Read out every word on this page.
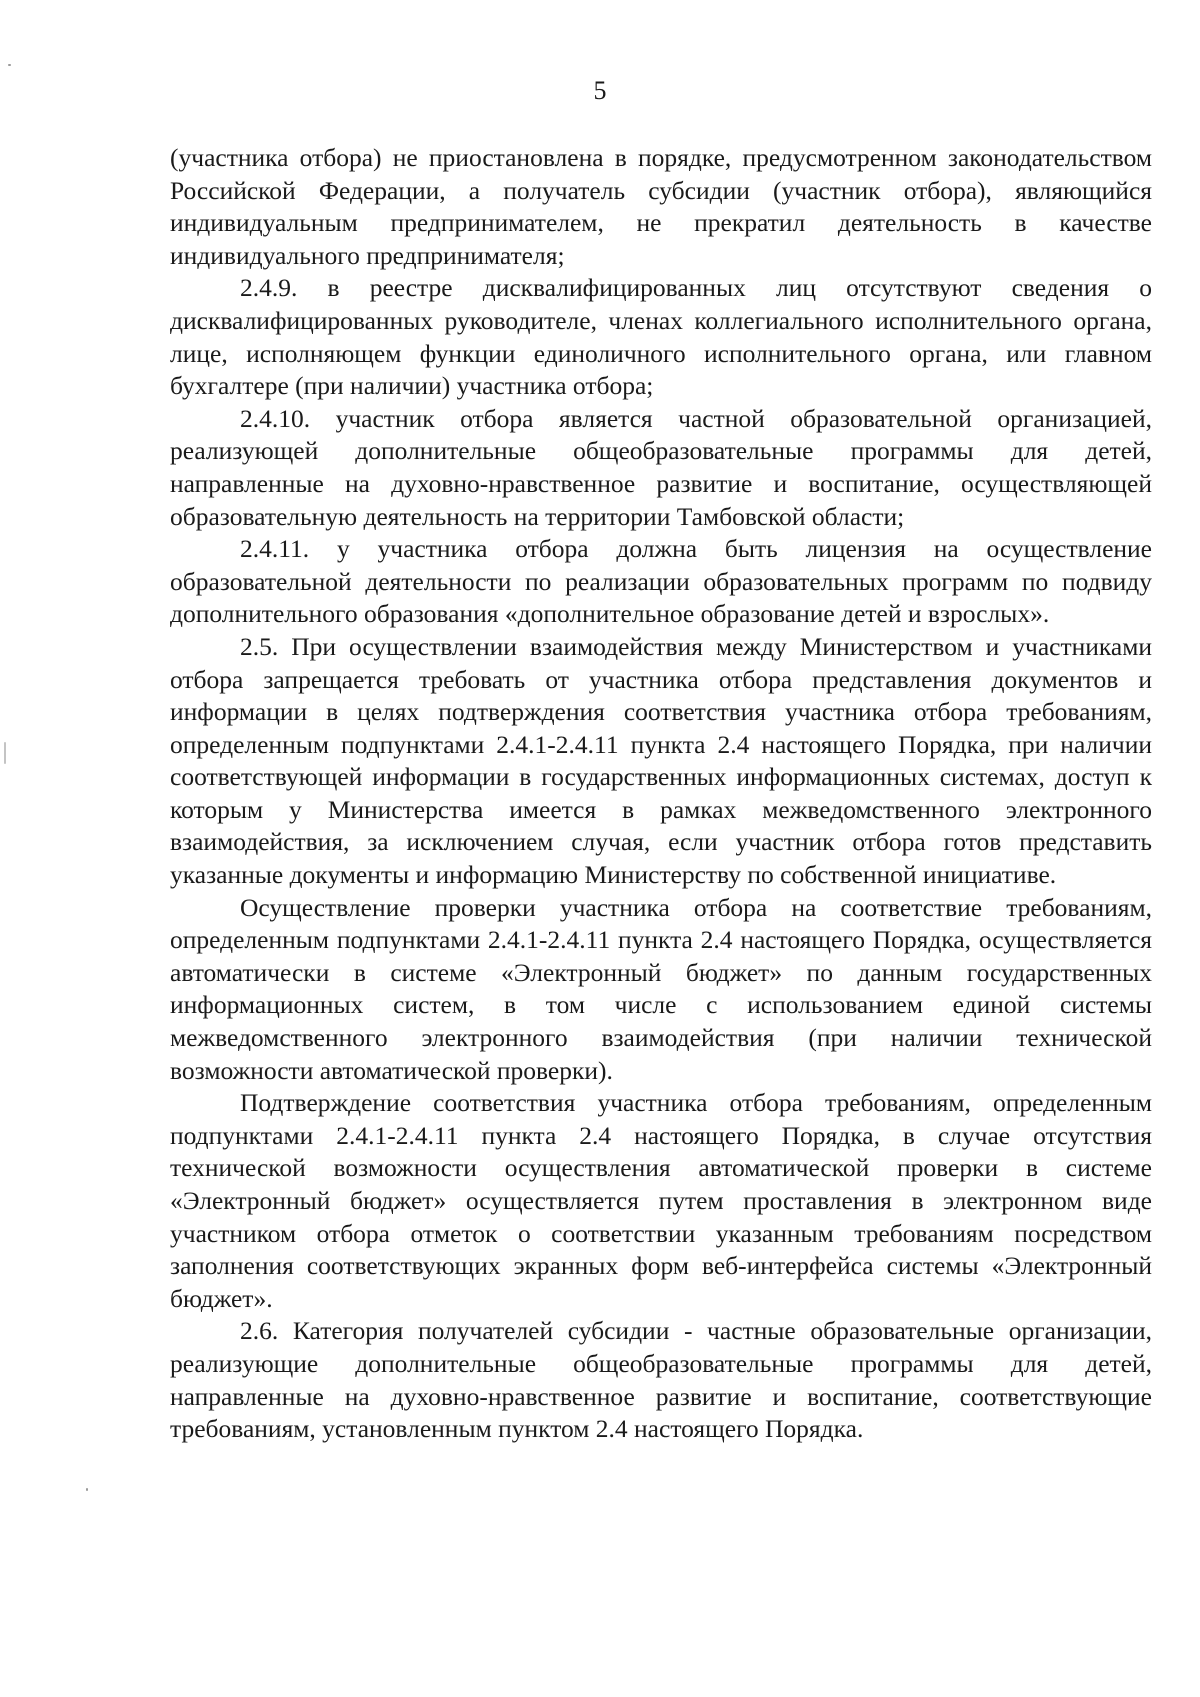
5

(участника отбора) не приостановлена в порядке, предусмотренном законодательством Российской Федерации, а получатель субсидии (участник отбора), являющийся индивидуальным предпринимателем, не прекратил деятельность в качестве индивидуального предпринимателя;

2.4.9. в реестре дисквалифицированных лиц отсутствуют сведения о дисквалифицированных руководителе, членах коллегиального исполнительного органа, лице, исполняющем функции единоличного исполнительного органа, или главном бухгалтере (при наличии) участника отбора;

2.4.10. участник отбора является частной образовательной организацией, реализующей дополнительные общеобразовательные программы для детей, направленные на духовно-нравственное развитие и воспитание, осуществляющей образовательную деятельность на территории Тамбовской области;

2.4.11. у участника отбора должна быть лицензия на осуществление образовательной деятельности по реализации образовательных программ по подвиду дополнительного образования «дополнительное образование детей и взрослых».

2.5. При осуществлении взаимодействия между Министерством и участниками отбора запрещается требовать от участника отбора представления документов и информации в целях подтверждения соответствия участника отбора требованиям, определенным подпунктами 2.4.1-2.4.11 пункта 2.4 настоящего Порядка, при наличии соответствующей информации в государственных информационных системах, доступ к которым у Министерства имеется в рамках межведомственного электронного взаимодействия, за исключением случая, если участник отбора готов представить указанные документы и информацию Министерству по собственной инициативе.

Осуществление проверки участника отбора на соответствие требованиям, определенным подпунктами 2.4.1-2.4.11 пункта 2.4 настоящего Порядка, осуществляется автоматически в системе «Электронный бюджет» по данным государственных информационных систем, в том числе с использованием единой системы межведомственного электронного взаимодействия (при наличии технической возможности автоматической проверки).

Подтверждение соответствия участника отбора требованиям, определенным подпунктами 2.4.1-2.4.11 пункта 2.4 настоящего Порядка, в случае отсутствия технической возможности осуществления автоматической проверки в системе «Электронный бюджет» осуществляется путем проставления в электронном виде участником отбора отметок о соответствии указанным требованиям посредством заполнения соответствующих экранных форм веб-интерфейса системы «Электронный бюджет».

2.6. Категория получателей субсидии - частные образовательные организации, реализующие дополнительные общеобразовательные программы для детей, направленные на духовно-нравственное развитие и воспитание, соответствующие требованиям, установленным пунктом 2.4 настоящего Порядка.
